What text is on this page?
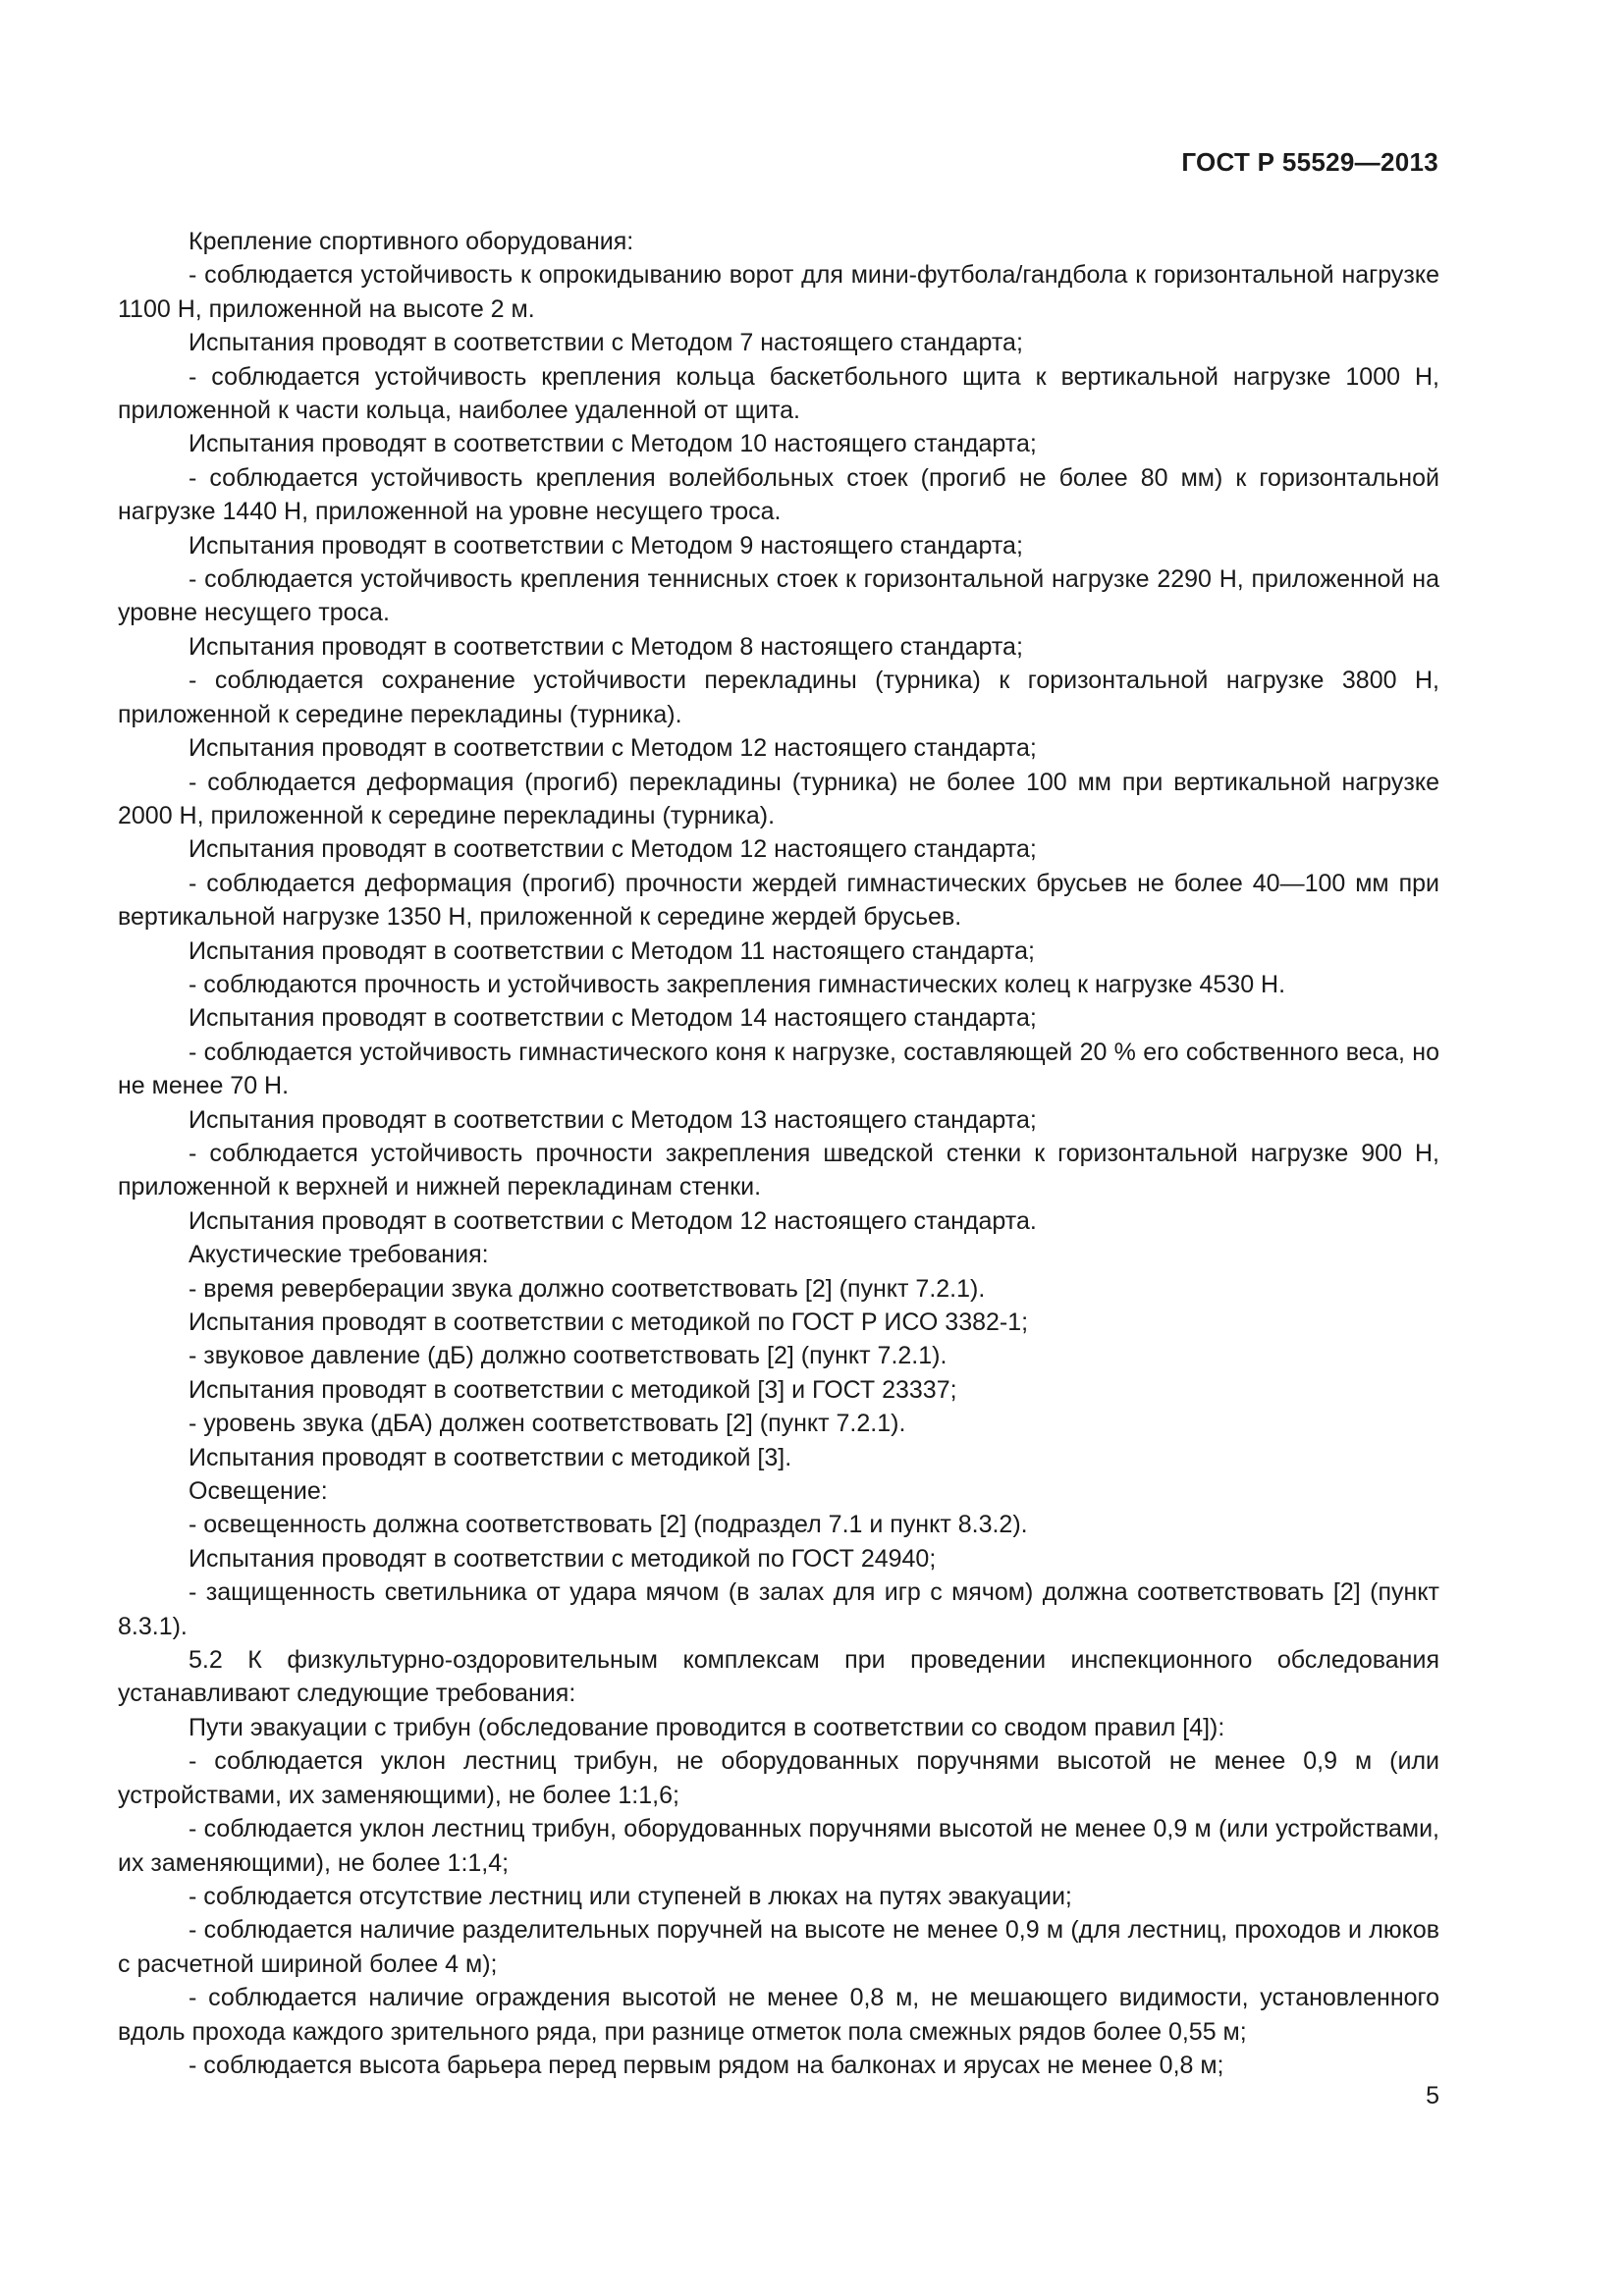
ГОСТ Р 55529—2013

Крепление спортивного оборудования:

- соблюдается устойчивость к опрокидыванию ворот для мини-футбола/гандбола к горизонтальной нагрузке 1100 Н, приложенной на высоте 2 м.

Испытания проводят в соответствии с Методом 7 настоящего стандарта;

- соблюдается устойчивость крепления кольца баскетбольного щита к вертикальной нагрузке 1000 Н, приложенной к части кольца, наиболее удаленной от щита.

Испытания проводят в соответствии с Методом 10 настоящего стандарта;

- соблюдается устойчивость крепления волейбольных стоек (прогиб не более 80 мм) к горизонтальной нагрузке 1440 Н, приложенной на уровне несущего троса.

Испытания проводят в соответствии с Методом 9 настоящего стандарта;

- соблюдается устойчивость крепления теннисных стоек к горизонтальной нагрузке 2290 Н, приложенной на уровне несущего троса.

Испытания проводят в соответствии с Методом 8 настоящего стандарта;

- соблюдается сохранение устойчивости перекладины (турника) к горизонтальной нагрузке 3800 Н, приложенной к середине перекладины (турника).

Испытания проводят в соответствии с Методом 12 настоящего стандарта;

- соблюдается деформация (прогиб) перекладины (турника) не более 100 мм при вертикальной нагрузке 2000 Н, приложенной к середине перекладины (турника).

Испытания проводят в соответствии с Методом 12 настоящего стандарта;

- соблюдается деформация (прогиб) прочности жердей гимнастических брусьев не более 40—100 мм при вертикальной нагрузке 1350 Н, приложенной к середине жердей брусьев.

Испытания проводят в соответствии с Методом 11 настоящего стандарта;

- соблюдаются прочность и устойчивость закрепления гимнастических колец к нагрузке 4530 Н.

Испытания проводят в соответствии с Методом 14 настоящего стандарта;

- соблюдается устойчивость гимнастического коня к нагрузке, составляющей 20 % его собственного веса, но не менее 70 Н.

Испытания проводят в соответствии с Методом 13 настоящего стандарта;

- соблюдается устойчивость прочности закрепления шведской стенки к горизонтальной нагрузке 900 Н, приложенной к верхней и нижней перекладинам стенки.

Испытания проводят в соответствии с Методом 12 настоящего стандарта.

Акустические требования:

- время реверберации звука должно соответствовать [2] (пункт 7.2.1).

Испытания проводят в соответствии с методикой по ГОСТ Р ИСО 3382-1;

- звуковое давление (дБ) должно соответствовать [2] (пункт 7.2.1).

Испытания проводят в соответствии с методикой [3] и ГОСТ 23337;

- уровень звука (дБА) должен соответствовать [2] (пункт 7.2.1).

Испытания проводят в соответствии с методикой [3].

Освещение:

- освещенность должна соответствовать [2] (подраздел 7.1 и пункт 8.3.2).

Испытания проводят в соответствии с методикой по ГОСТ 24940;

- защищенность светильника от удара мячом (в залах для игр с мячом) должна соответствовать [2] (пункт 8.3.1).

5.2 К физкультурно-оздоровительным комплексам при проведении инспекционного обследования устанавливают следующие требования:

Пути эвакуации с трибун (обследование проводится в соответствии со сводом правил [4]):

- соблюдается уклон лестниц трибун, не оборудованных поручнями высотой не менее 0,9 м (или устройствами, их заменяющими), не более 1:1,6;

- соблюдается уклон лестниц трибун, оборудованных поручнями высотой не менее 0,9 м (или устройствами, их заменяющими), не более 1:1,4;

- соблюдается отсутствие лестниц или ступеней в люках на путях эвакуации;

- соблюдается наличие разделительных поручней на высоте не менее 0,9 м (для лестниц, проходов и люков с расчетной шириной более 4 м);

- соблюдается наличие ограждения высотой не менее 0,8 м, не мешающего видимости, установленного вдоль прохода каждого зрительного ряда, при разнице отметок пола смежных рядов более 0,55 м;

- соблюдается высота барьера перед первым рядом на балконах и ярусах не менее 0,8 м;

5
